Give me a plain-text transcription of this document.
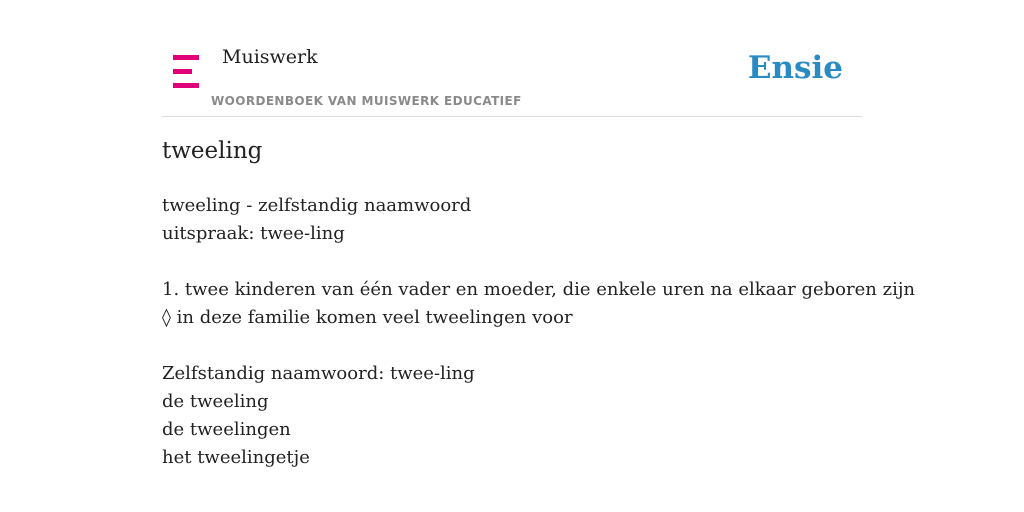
Muiswerk
WOORDENBOEK VAN MUISWERK EDUCATIEF
Ensie
tweeling
tweeling - zelfstandig naamwoord
uitspraak: twee-ling
1. twee kinderen van één vader en moeder, die enkele uren na elkaar geboren zijn
◊ in deze familie komen veel tweelingen voor
Zelfstandig naamwoord: twee-ling
de tweeling
de tweelingen
het tweelingetje
